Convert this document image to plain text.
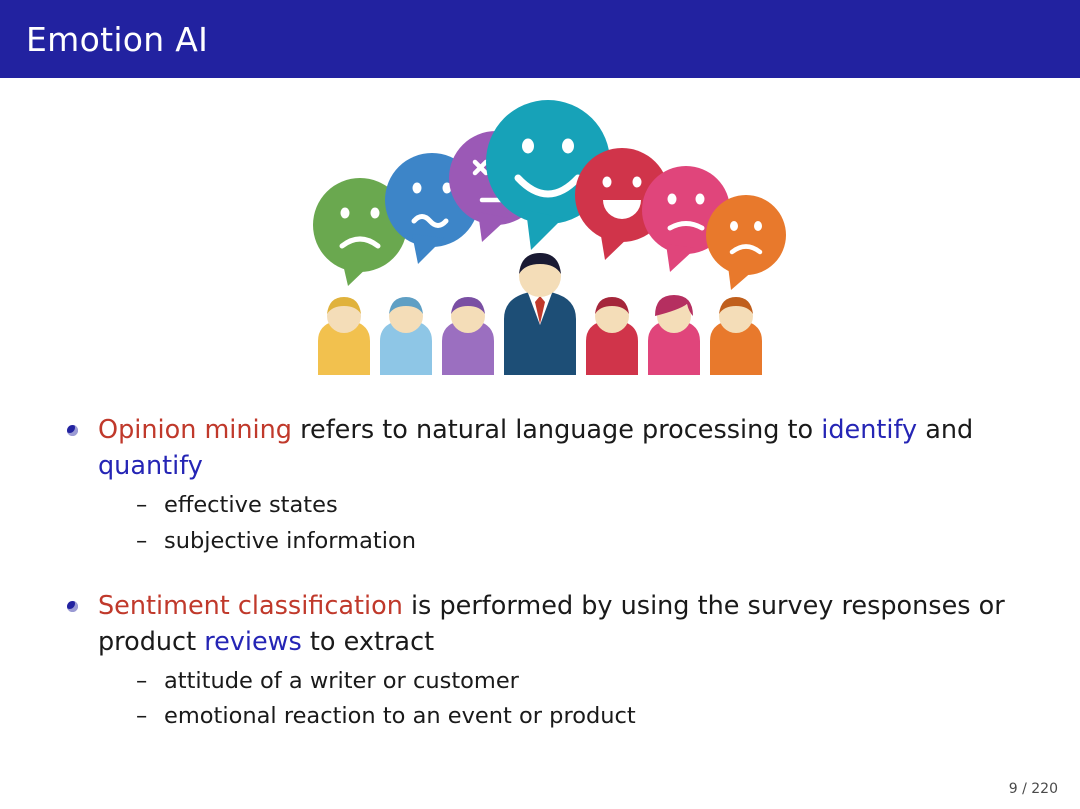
Emotion AI
Opinion mining refers to natural language processing to identify and quantify
– effective states
– subjective information
Sentiment classification is performed by using the survey responses or product reviews to extract
– attitude of a writer or customer
– emotional reaction to an event or product
9 / 220
